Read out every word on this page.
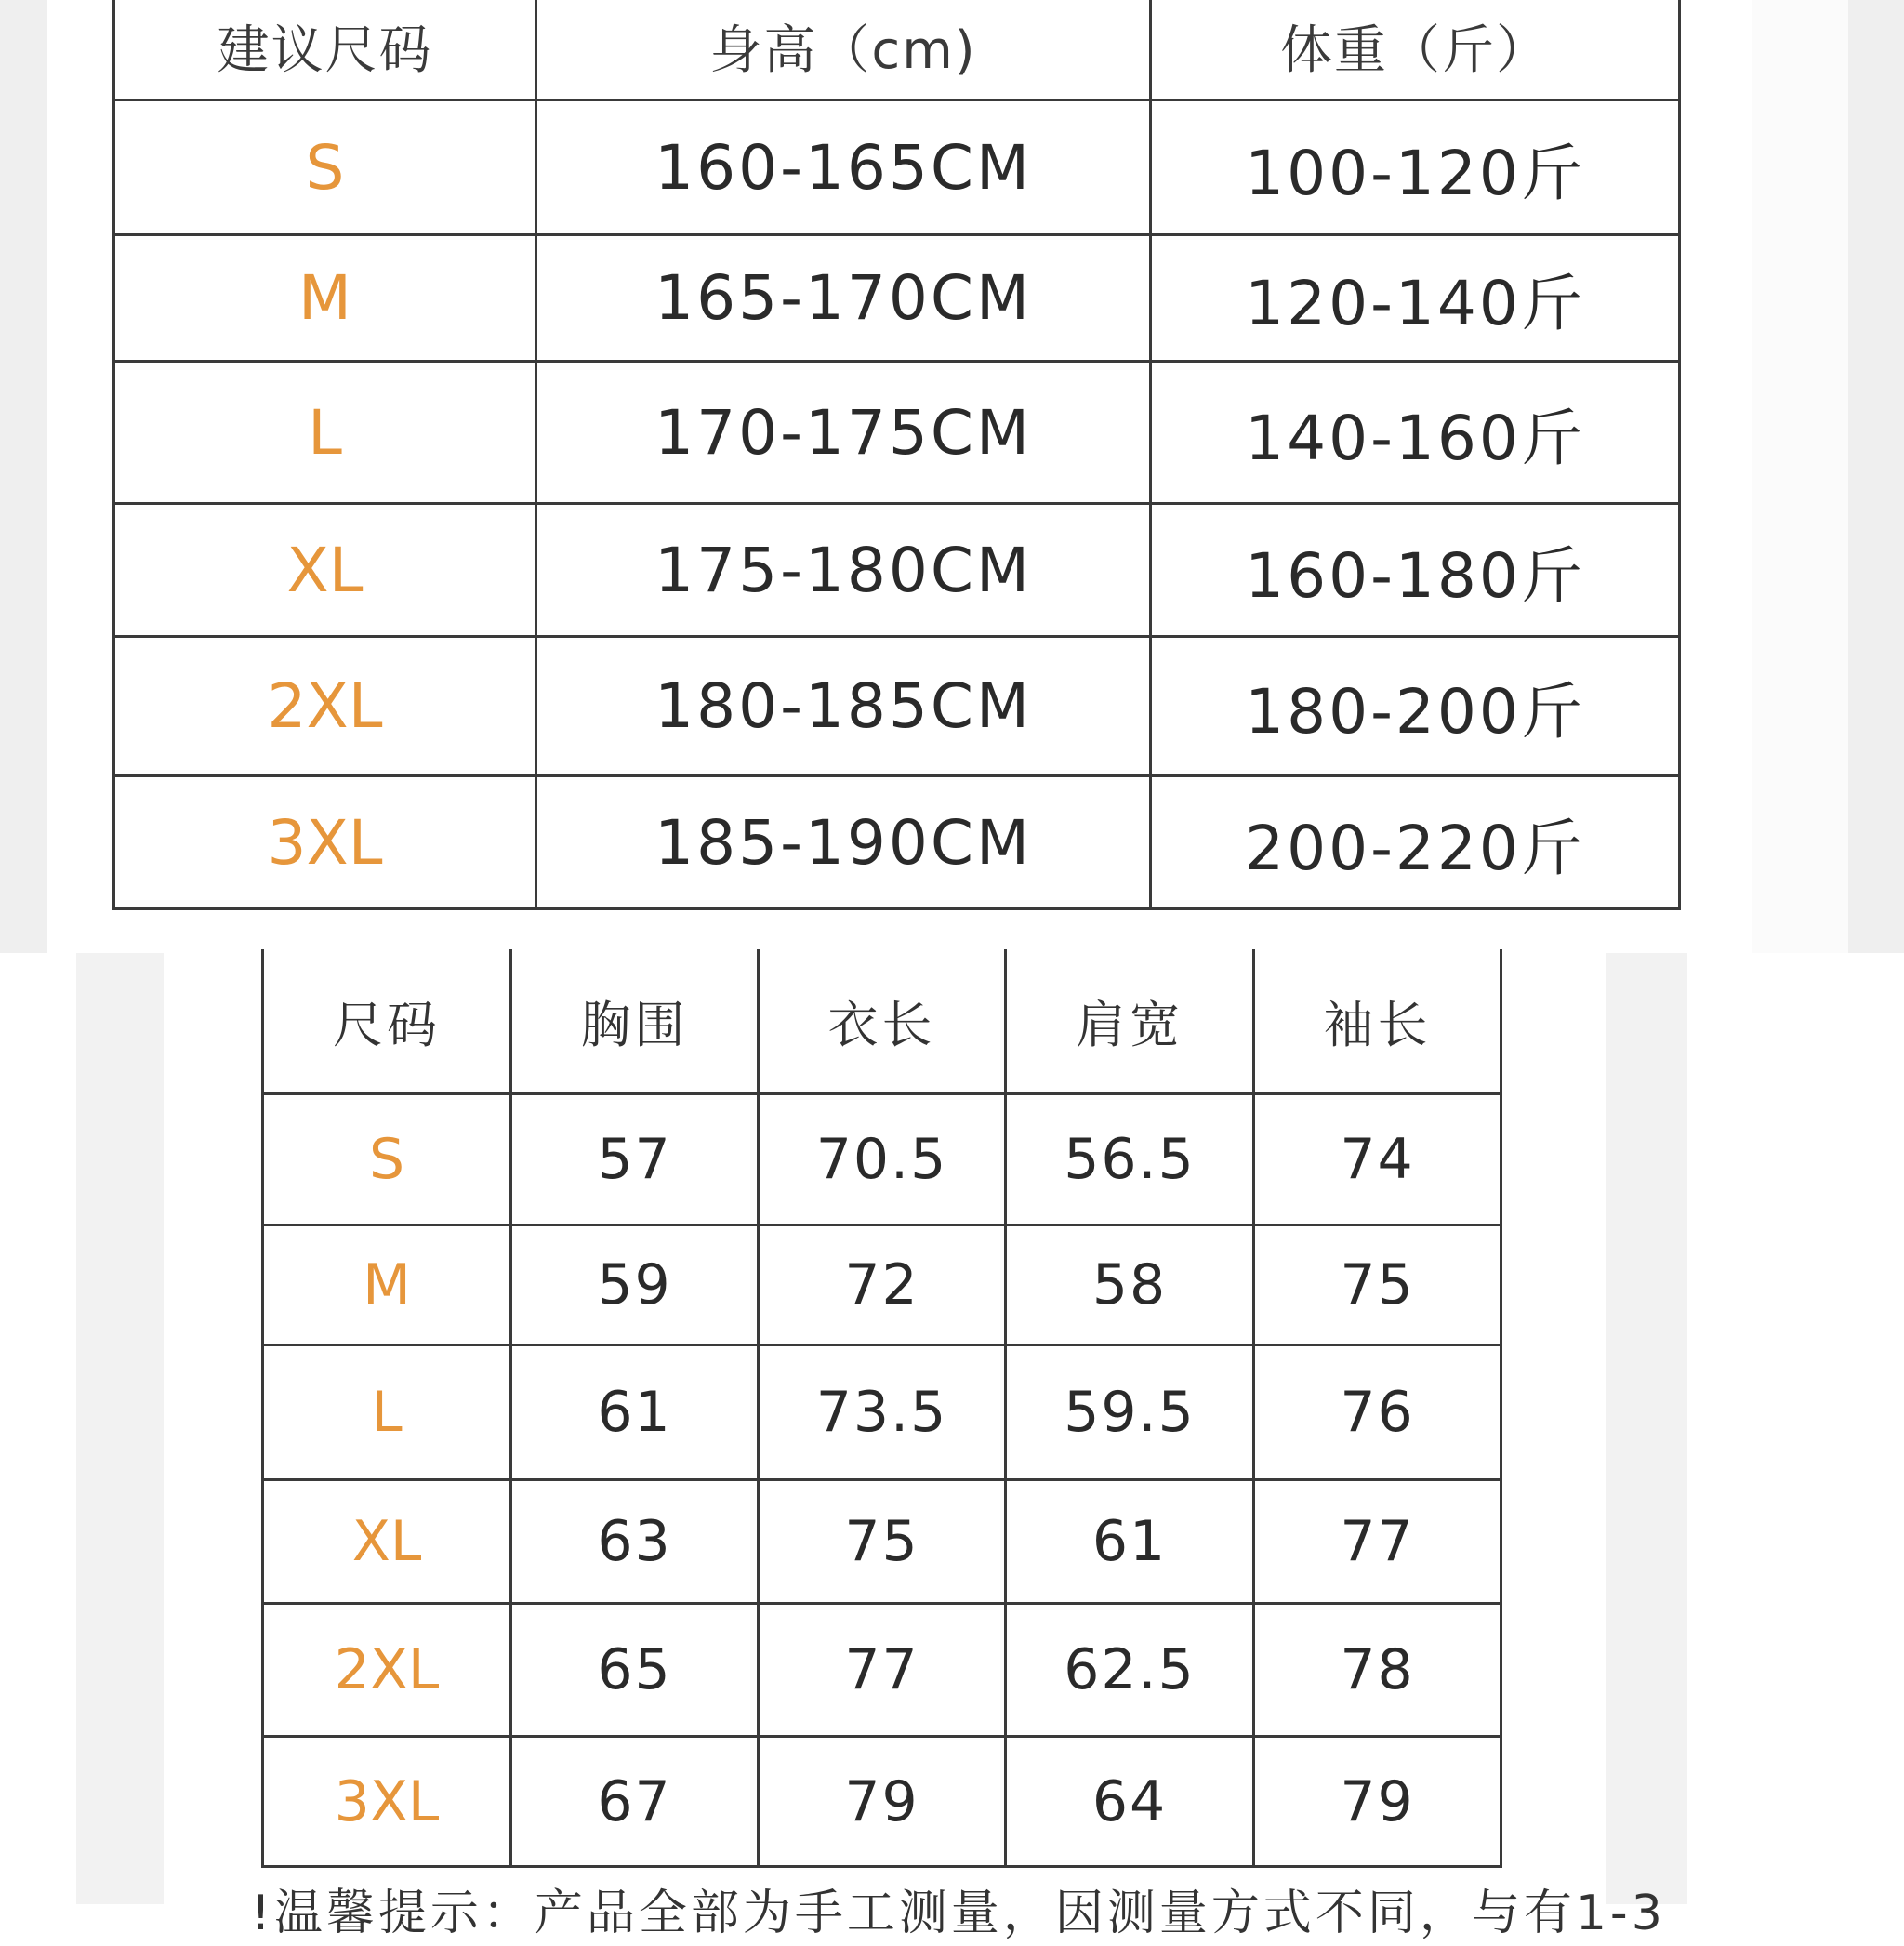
建议尺码	身高（cm)	体重（斤）
S	160-165CM	100-120斤
M	165-170CM	120-140斤
L	170-175CM	140-160斤
XL	175-180CM	160-180斤
2XL	180-185CM	180-200斤
3XL	185-190CM	200-220斤
尺码	胸围	衣长	肩宽	袖长
S	57	70.5	56.5	74
M	59	72	58	75
L	61	73.5	59.5	76
XL	63	75	61	77
2XL	65	77	62.5	78
3XL	67	79	64	79
!温馨提示：产品全部为手工测量，因测量方式不同，与有1-3
